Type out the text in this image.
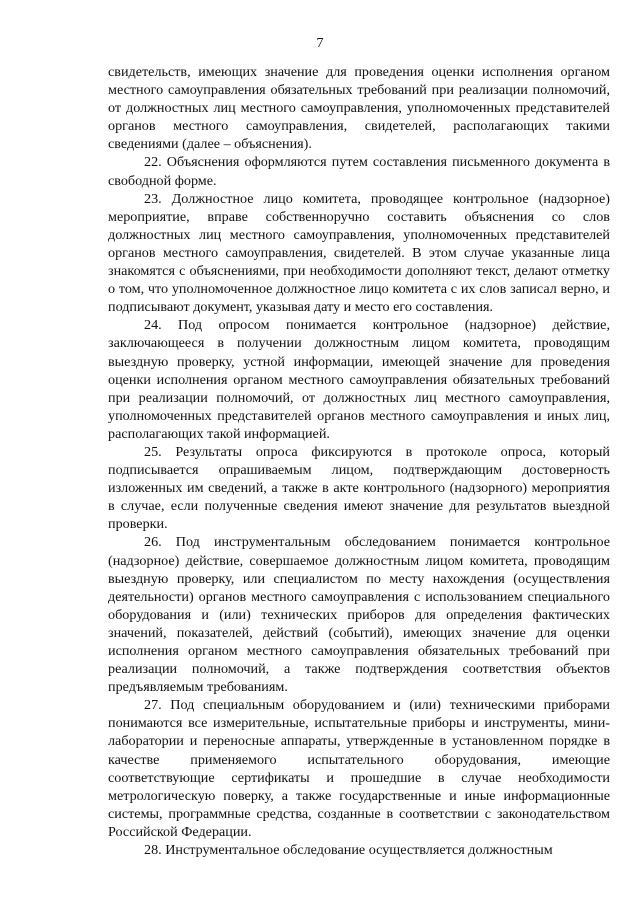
7

свидетельств, имеющих значение для проведения оценки исполнения органом местного самоуправления обязательных требований при реализации полномочий, от должностных лиц местного самоуправления, уполномоченных представителей органов местного самоуправления, свидетелей, располагающих такими сведениями (далее – объяснения).

22. Объяснения оформляются путем составления письменного документа в свободной форме.

23. Должностное лицо комитета, проводящее контрольное (надзорное) мероприятие, вправе собственноручно составить объяснения со слов должностных лиц местного самоуправления, уполномоченных представителей органов местного самоуправления, свидетелей. В этом случае указанные лица знакомятся с объяснениями, при необходимости дополняют текст, делают отметку о том, что уполномоченное должностное лицо комитета с их слов записал верно, и подписывают документ, указывая дату и место его составления.

24. Под опросом понимается контрольное (надзорное) действие, заключающееся в получении должностным лицом комитета, проводящим выездную проверку, устной информации, имеющей значение для проведения оценки исполнения органом местного самоуправления обязательных требований при реализации полномочий, от должностных лиц местного самоуправления, уполномоченных представителей органов местного самоуправления и иных лиц, располагающих такой информацией.

25. Результаты опроса фиксируются в протоколе опроса, который подписывается опрашиваемым лицом, подтверждающим достоверность изложенных им сведений, а также в акте контрольного (надзорного) мероприятия в случае, если полученные сведения имеют значение для результатов выездной проверки.

26. Под инструментальным обследованием понимается контрольное (надзорное) действие, совершаемое должностным лицом комитета, проводящим выездную проверку, или специалистом по месту нахождения (осуществления деятельности) органов местного самоуправления с использованием специального оборудования и (или) технических приборов для определения фактических значений, показателей, действий (событий), имеющих значение для оценки исполнения органом местного самоуправления обязательных требований при реализации полномочий, а также подтверждения соответствия объектов предъявляемым требованиям.

27. Под специальным оборудованием и (или) техническими приборами понимаются все измерительные, испытательные приборы и инструменты, мини-лаборатории и переносные аппараты, утвержденные в установленном порядке в качестве применяемого испытательного оборудования, имеющие соответствующие сертификаты и прошедшие в случае необходимости метрологическую поверку, а также государственные и иные информационные системы, программные средства, созданные в соответствии с законодательством Российской Федерации.

28. Инструментальное обследование осуществляется должностным
